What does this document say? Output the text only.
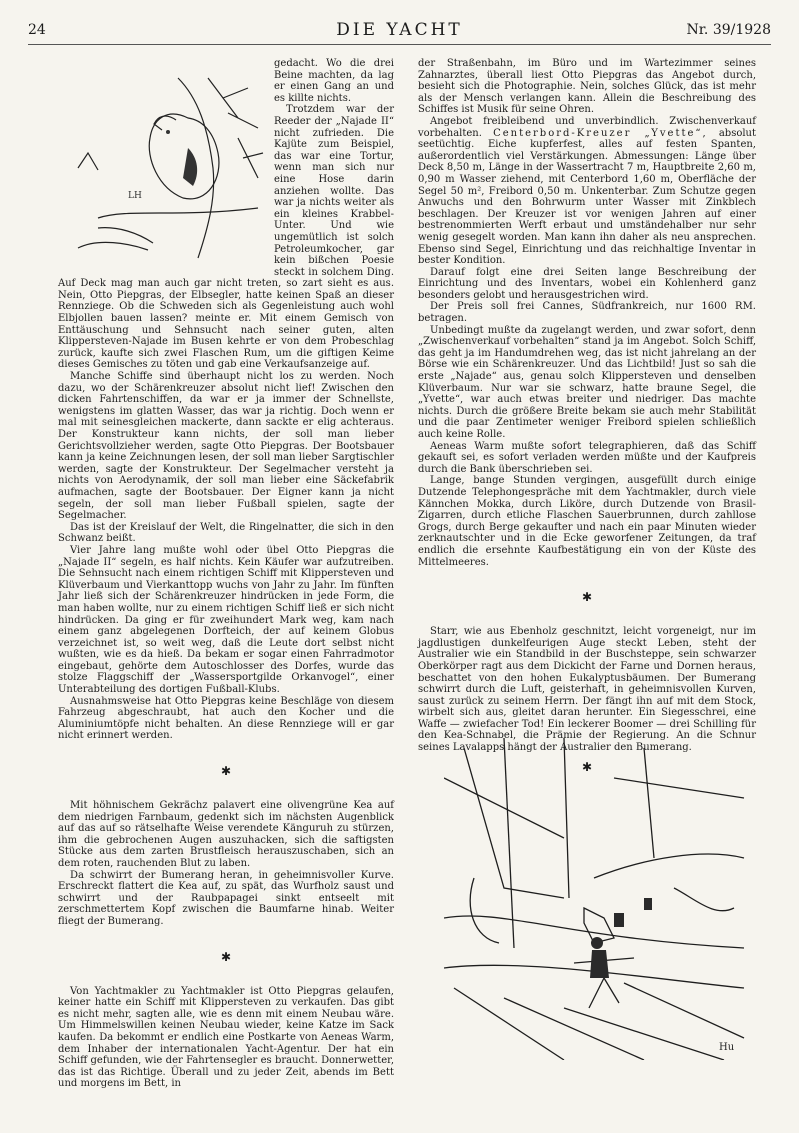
24	DIE YACHT	Nr. 39/1928
LH

gedacht. Wo die drei Beine machten, da lag er einen Gang an und es killte nichts.

Trotzdem war der Reeder der „Najade II“ nicht zufrieden. Die Kajüte zum Beispiel, das war eine Tortur, wenn man sich nur eine Hose darin anziehen wollte. Das war ja nichts weiter als ein kleines Krabbel-Unter. Und wie ungemütlich ist solch Petroleumkocher, gar kein bißchen Poesie steckt in solchem Ding. Auf Deck mag man auch gar nicht treten, so zart sieht es aus. Nein, Otto Piepgras, der Elbsegler, hatte keinen Spaß an dieser Rennziege. Ob die Schweden sich als Gegenleistung auch wohl Elbjollen bauen lassen? meinte er. Mit einem Gemisch von Enttäuschung und Sehnsucht nach seiner guten, alten Klippersteven-Najade im Busen kehrte er von dem Probeschlag zurück, kaufte sich zwei Flaschen Rum, um die giftigen Keime dieses Gemisches zu töten und gab eine Verkaufsanzeige auf.

Manche Schiffe sind überhaupt nicht los zu werden. Noch dazu, wo der Schärenkreuzer absolut nicht lief! Zwischen den dicken Fahrtenschiffen, da war er ja immer der Schnellste, wenigstens im glatten Wasser, das war ja richtig. Doch wenn er mal mit seinesgleichen mackerte, dann sackte er elig achteraus. Der Konstrukteur kann nichts, der soll man lieber Gerichtsvollzieher werden, sagte Otto Piepgras. Der Bootsbauer kann ja keine Zeichnungen lesen, der soll man lieber Sargtischler werden, sagte der Konstrukteur. Der Segelmacher versteht ja nichts von Aerodynamik, der soll man lieber eine Säckefabrik aufmachen, sagte der Bootsbauer. Der Eigner kann ja nicht segeln, der soll man lieber Fußball spielen, sagte der Segelmacher.

Das ist der Kreislauf der Welt, die Ringelnatter, die sich in den Schwanz beißt.

Vier Jahre lang mußte wohl oder übel Otto Piepgras die „Najade II“ segeln, es half nichts. Kein Käufer war aufzutreiben. Die Sehnsucht nach einem richtigen Schiff mit Klippersteven und Klüverbaum und Vierkanttopp wuchs von Jahr zu Jahr. Im fünften Jahr ließ sich der Schärenkreuzer hindrücken in jede Form, die man haben wollte, nur zu einem richtigen Schiff ließ er sich nicht hindrücken. Da ging er für zweihundert Mark weg, kam nach einem ganz abgelegenen Dorfteich, der auf keinem Globus verzeichnet ist, so weit weg, daß die Leute dort selbst nicht wußten, wie es da hieß. Da bekam er sogar einen Fahrradmotor eingebaut, gehörte dem Autoschlosser des Dorfes, wurde das stolze Flaggschiff der „Wassersportgilde Orkanvogel“, einer Unterabteilung des dortigen Fußball-Klubs.

Ausnahmsweise hat Otto Piepgras keine Beschläge von diesem Fahrzeug abgeschraubt, hat auch den Kocher und die Aluminiumtöpfe nicht behalten. An diese Rennziege will er gar nicht erinnert werden.

✱

Mit höhnischem Gekrächz palavert eine olivengrüne Kea auf dem niedrigen Farnbaum, gedenkt sich im nächsten Augenblick auf das auf so rätselhafte Weise verendete Känguruh zu stürzen, ihm die gebrochenen Augen auszuhacken, sich die saftigsten Stücke aus dem zarten Brustfleisch herauszuschaben, sich an dem roten, rauchenden Blut zu laben.

Da schwirrt der Bumerang heran, in geheimnisvoller Kurve. Erschreckt flattert die Kea auf, zu spät, das Wurfholz saust und schwirrt und der Raubpapagei sinkt entseelt mit zerschmettertem Kopf zwischen die Baumfarne hinab. Weiter fliegt der Bumerang.

✱

Von Yachtmakler zu Yachtmakler ist Otto Piepgras gelaufen, keiner hatte ein Schiff mit Klippersteven zu verkaufen. Das gibt es nicht mehr, sagten alle, wie es denn mit einem Neubau wäre. Um Himmelswillen keinen Neubau wieder, keine Katze im Sack kaufen. Da bekommt er endlich eine Postkarte von Aeneas Warm, dem Inhaber der internationalen Yacht-Agentur. Der hat ein Schiff gefunden, wie der Fahrtensegler es braucht. Donnerwetter, das ist das Richtige. Überall und zu jeder Zeit, abends im Bett und morgens im Bett, in

der Straßenbahn, im Büro und im Wartezimmer seines Zahnarztes, überall liest Otto Piepgras das Angebot durch, besieht sich die Photographie. Nein, solches Glück, das ist mehr als der Mensch verlangen kann. Allein die Beschreibung des Schiffes ist Musik für seine Ohren.

Angebot freibleibend und unverbindlich. Zwischenverkauf vorbehalten. Centerbord-Kreuzer „Yvette“, absolut seetüchtig. Eiche kupferfest, alles auf festen Spanten, außerordentlich viel Verstärkungen. Abmessungen: Länge über Deck 8,50 m, Länge in der Wassertracht 7 m, Hauptbreite 2,60 m, 0,90 m Wasser ziehend, mit Centerbord 1,60 m, Oberfläche der Segel 50 m², Freibord 0,50 m. Unkenterbar. Zum Schutze gegen Anwuchs und den Bohrwurm unter Wasser mit Zinkblech beschlagen. Der Kreuzer ist vor wenigen Jahren auf einer bestrenommierten Werft erbaut und umständehalber nur sehr wenig gesegelt worden. Man kann ihn daher als neu ansprechen. Ebenso sind Segel, Einrichtung und das reichhaltige Inventar in bester Kondition.

Darauf folgt eine drei Seiten lange Beschreibung der Einrichtung und des Inventars, wobei ein Kohlenherd ganz besonders gelobt und herausgestrichen wird.

Der Preis soll frei Cannes, Südfrankreich, nur 1600 RM. betragen.

Unbedingt mußte da zugelangt werden, und zwar sofort, denn „Zwischenverkauf vorbehalten“ stand ja im Angebot. Solch Schiff, das geht ja im Handumdrehen weg, das ist nicht jahrelang an der Börse wie ein Schärenkreuzer. Und das Lichtbild! Just so sah die erste „Najade“ aus, genau solch Klippersteven und denselben Klüverbaum. Nur war sie schwarz, hatte braune Segel, die „Yvette“, war auch etwas breiter und niedriger. Das machte nichts. Durch die größere Breite bekam sie auch mehr Stabilität und die paar Zentimeter weniger Freibord spielen schließlich auch keine Rolle.

Aeneas Warm mußte sofort telegraphieren, daß das Schiff gekauft sei, es sofort verladen werden müßte und der Kaufpreis durch die Bank überschrieben sei.

Lange, bange Stunden vergingen, ausgefüllt durch einige Dutzende Telephongespräche mit dem Yachtmakler, durch viele Kännchen Mokka, durch Liköre, durch Dutzende von Brasil-Zigarren, durch etliche Flaschen Sauerbrunnen, durch zahllose Grogs, durch Berge gekaufter und nach ein paar Minuten wieder zerknautschter und in die Ecke geworfener Zeitungen, da traf endlich die ersehnte Kaufbestätigung ein von der Küste des Mittelmeeres.

✱

Starr, wie aus Ebenholz geschnitzt, leicht vorgeneigt, nur im jagdlustigen dunkelfeurigen Auge steckt Leben, steht der Australier wie ein Standbild in der Buschsteppe, sein schwarzer Oberkörper ragt aus dem Dickicht der Farne und Dornen heraus, beschattet von den hohen Eukalyptusbäumen. Der Bumerang schwirrt durch die Luft, geisterhaft, in geheimnisvollen Kurven, saust zurück zu seinem Herrn. Der fängt ihn auf mit dem Stock, wirbelt sich aus, gleitet daran herunter. Ein Siegesschrei, eine Waffe — zwiefacher Tod! Ein leckerer Boomer — drei Schilling für den Kea-Schnabel, die Prämie der Regierung. An die Schnur seines Lavalapps hängt der Australier den Bumerang.

✱
Hu
